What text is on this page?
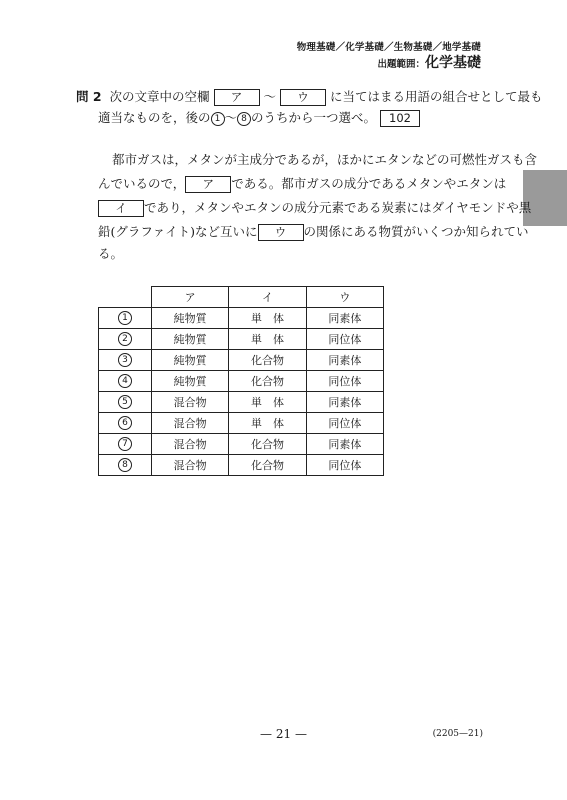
物理基礎／化学基礎／生物基礎／地学基礎
出題範囲：化学基礎
問 2 次の文章中の空欄 ア ～ ウ に当てはまる用語の組合せとして最も
適当なものを，後の 1 ～ 8 のうちから一つ選べ。 102
都市ガスは，メタンが主成分であるが，ほかにエタンなどの可燃性ガスも含
んでいるので， ア である。都市ガスの成分であるメタンやエタンは
イ であり，メタンやエタンの成分元素である炭素にはダイヤモンドや黒
鉛(グラファイト)など互いに ウ の関係にある物質がいくつか知られてい
る。
	ア	イ	ウ
1	純物質	単　体	同素体
2	純物質	単　体	同位体
3	純物質	化合物	同素体
4	純物質	化合物	同位体
5	混合物	単　体	同素体
6	混合物	単　体	同位体
7	混合物	化合物	同素体
8	混合物	化合物	同位体
— 21 —	(2205—21)
